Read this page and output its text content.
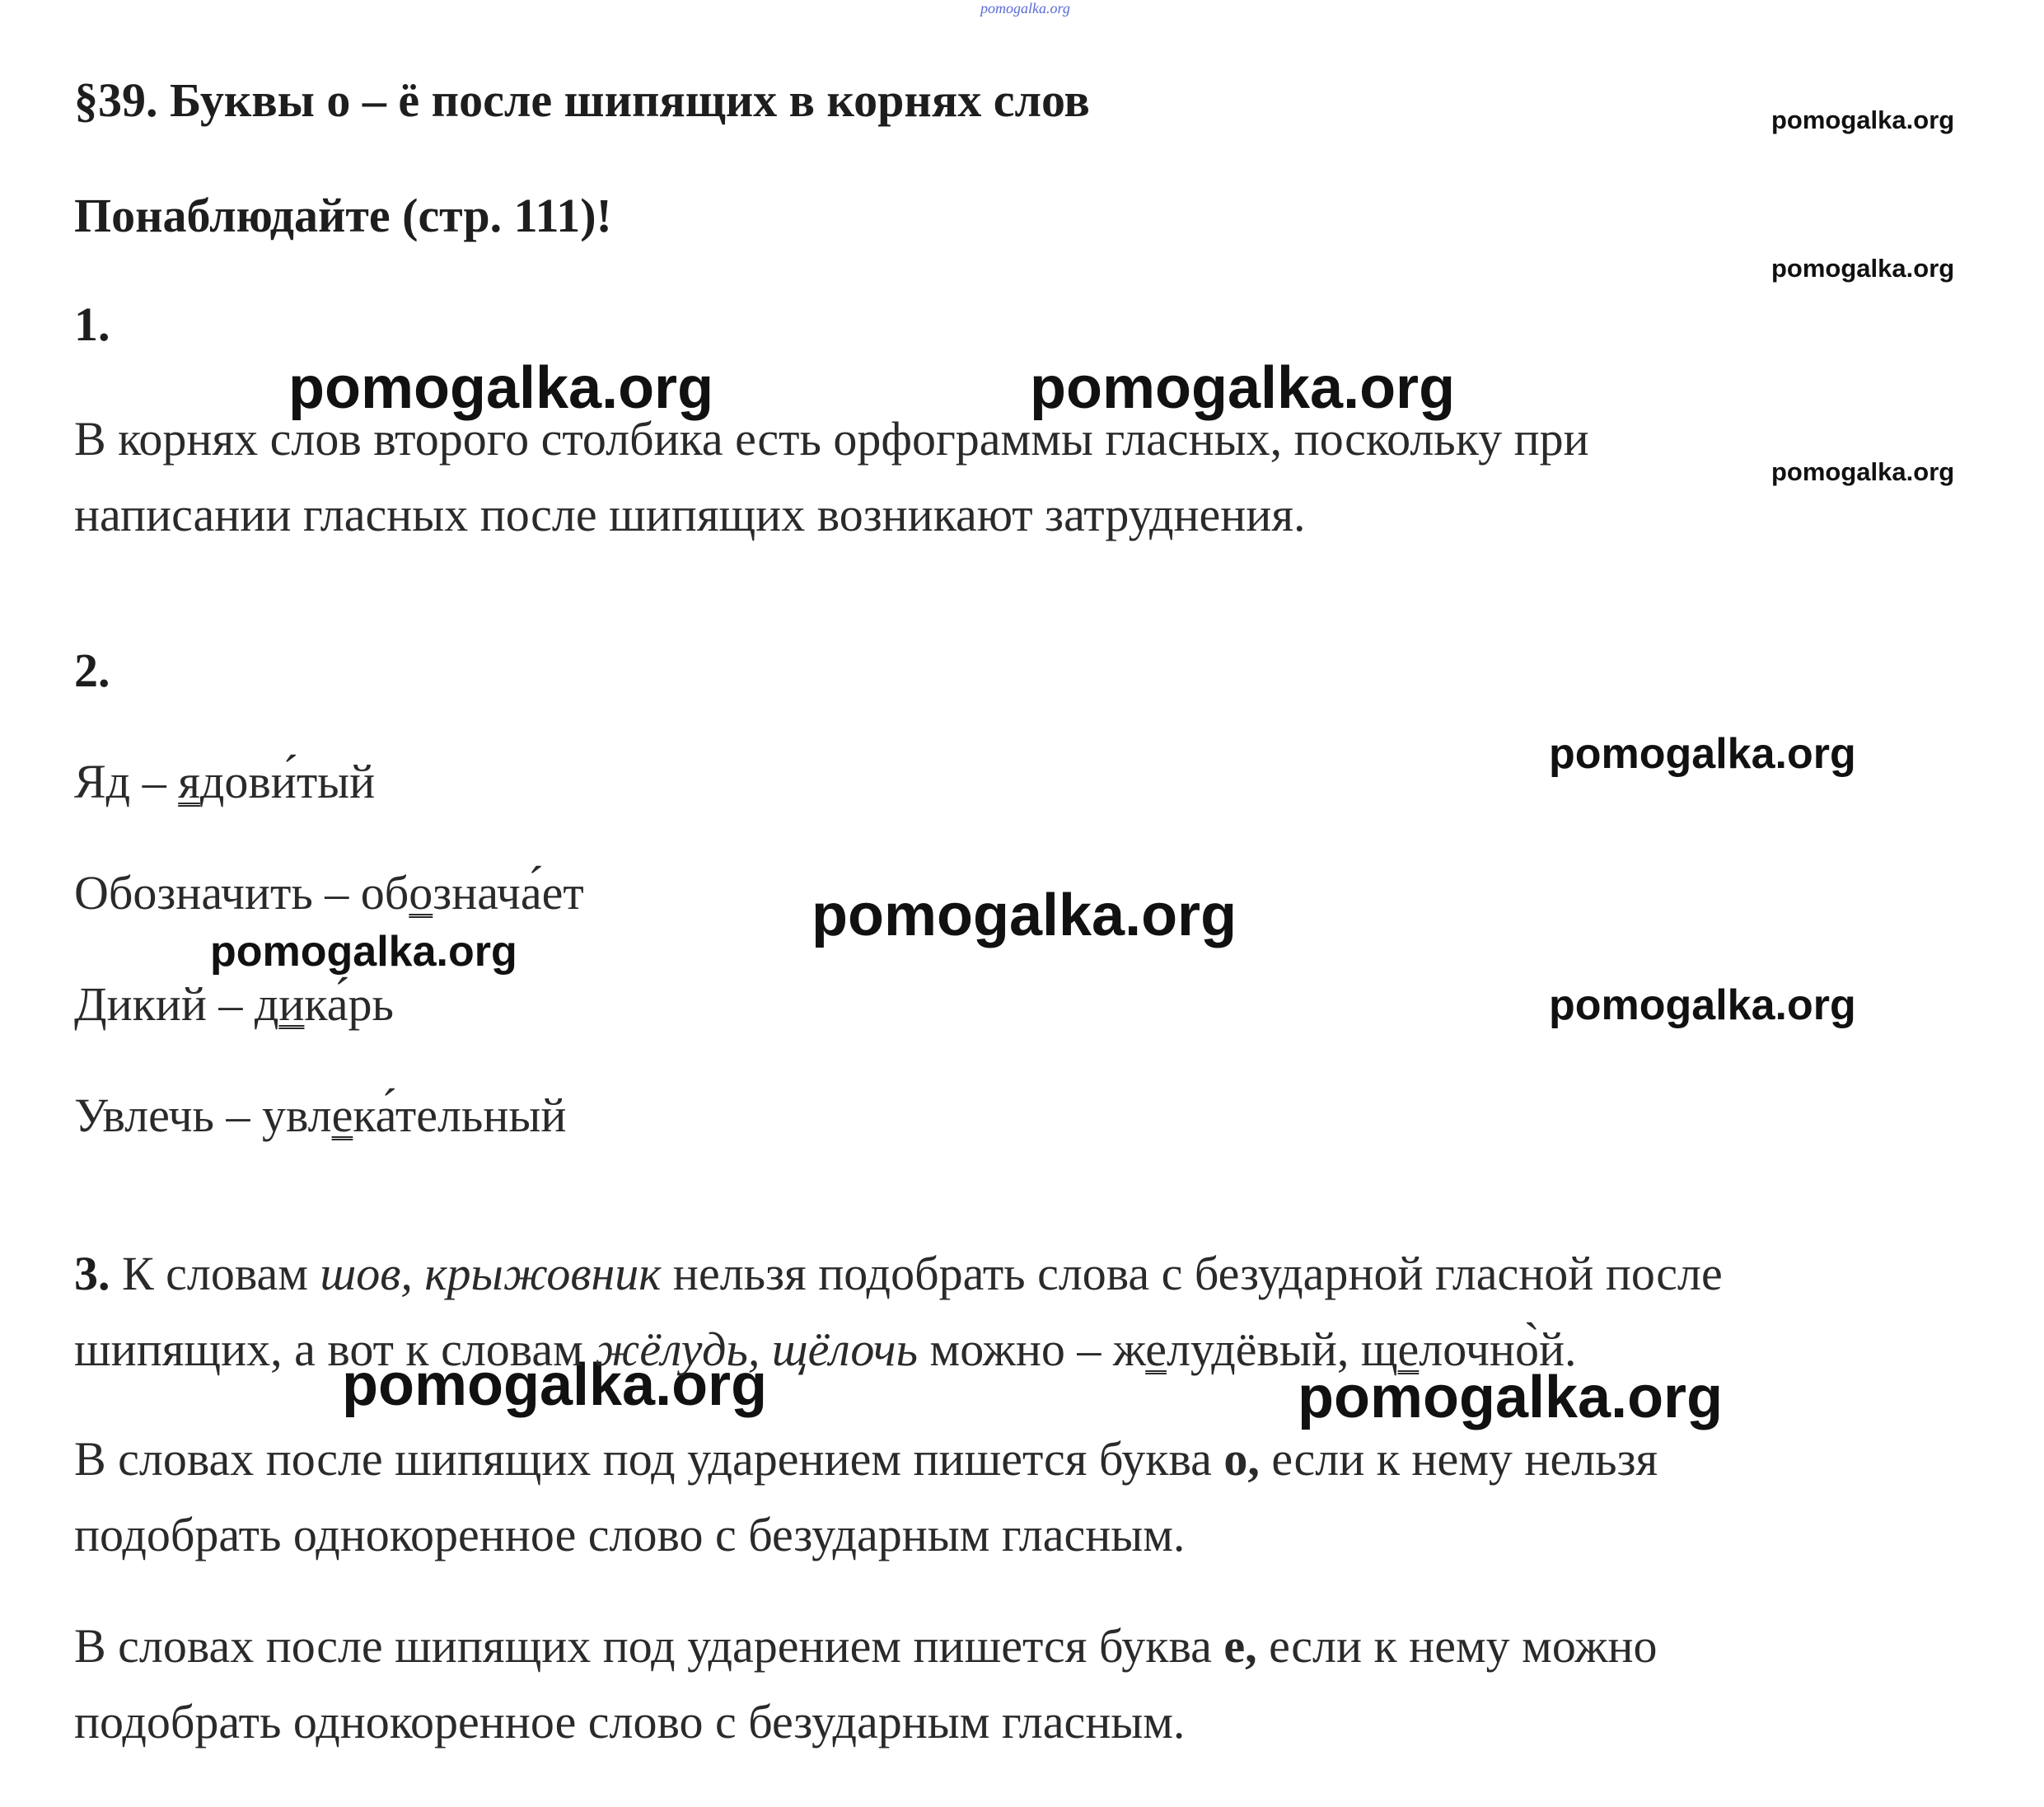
pomogalka.org
§39. Буквы о – ё после шипящих в корнях слов
Понаблюдайте (стр. 111)!
1.
В корнях слов второго столбика есть орфограммы гласных, поскольку при
написании гласных после шипящих возникают затруднения.
2.
Яд – ядови́тый
Обозначить – обознача́ет
Дикий – дика́рь
Увлечь – увлека́тельный
3. К словам шов, крыжовник нельзя подобрать слова с безударной гласной после
шипящих, а вот к словам жёлудь, щёлочь можно – желудёвый, щелочно̀й.
В словах после шипящих под ударением пишется буква о, если к нему нельзя
подобрать однокоренное слово с безударным гласным.
В словах после шипящих под ударением пишется буква е, если к нему можно
подобрать однокоренное слово с безударным гласным.
pomogalka.org
pomogalka.org
pomogalka.org	pomogalka.org
pomogalka.org
pomogalka.org
pomogalka.org
pomogalka.org
pomogalka.org
pomogalka.org	pomogalka.org
